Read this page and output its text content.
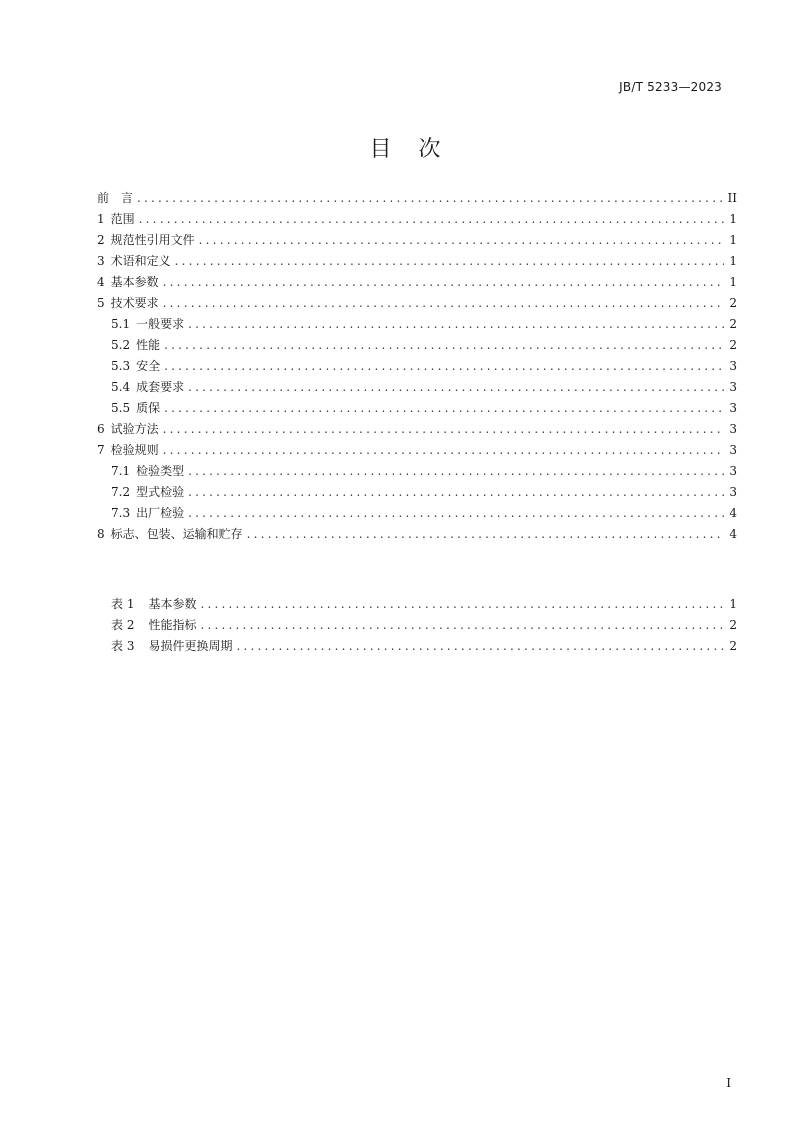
JB/T 5233—2023
目 次
前　言 .....	II
1 范围 .....	1
2 规范性引用文件 .....	1
3 术语和定义 .....	1
4 基本参数 .....	1
5 技术要求 .....	2
5.1 一般要求 .....	2
5.2 性能 .....	2
5.3 安全 .....	3
5.4 成套要求 .....	3
5.5 质保 .....	3
6 试验方法 .....	3
7 检验规则 .....	3
7.1 检验类型 .....	3
7.2 型式检验 .....	3
7.3 出厂检验 .....	4
8 标志、包装、运输和贮存 .....	4
表 1 基本参数 .....	1
表 2 性能指标 .....	2
表 3 易损件更换周期 .....	2
I
